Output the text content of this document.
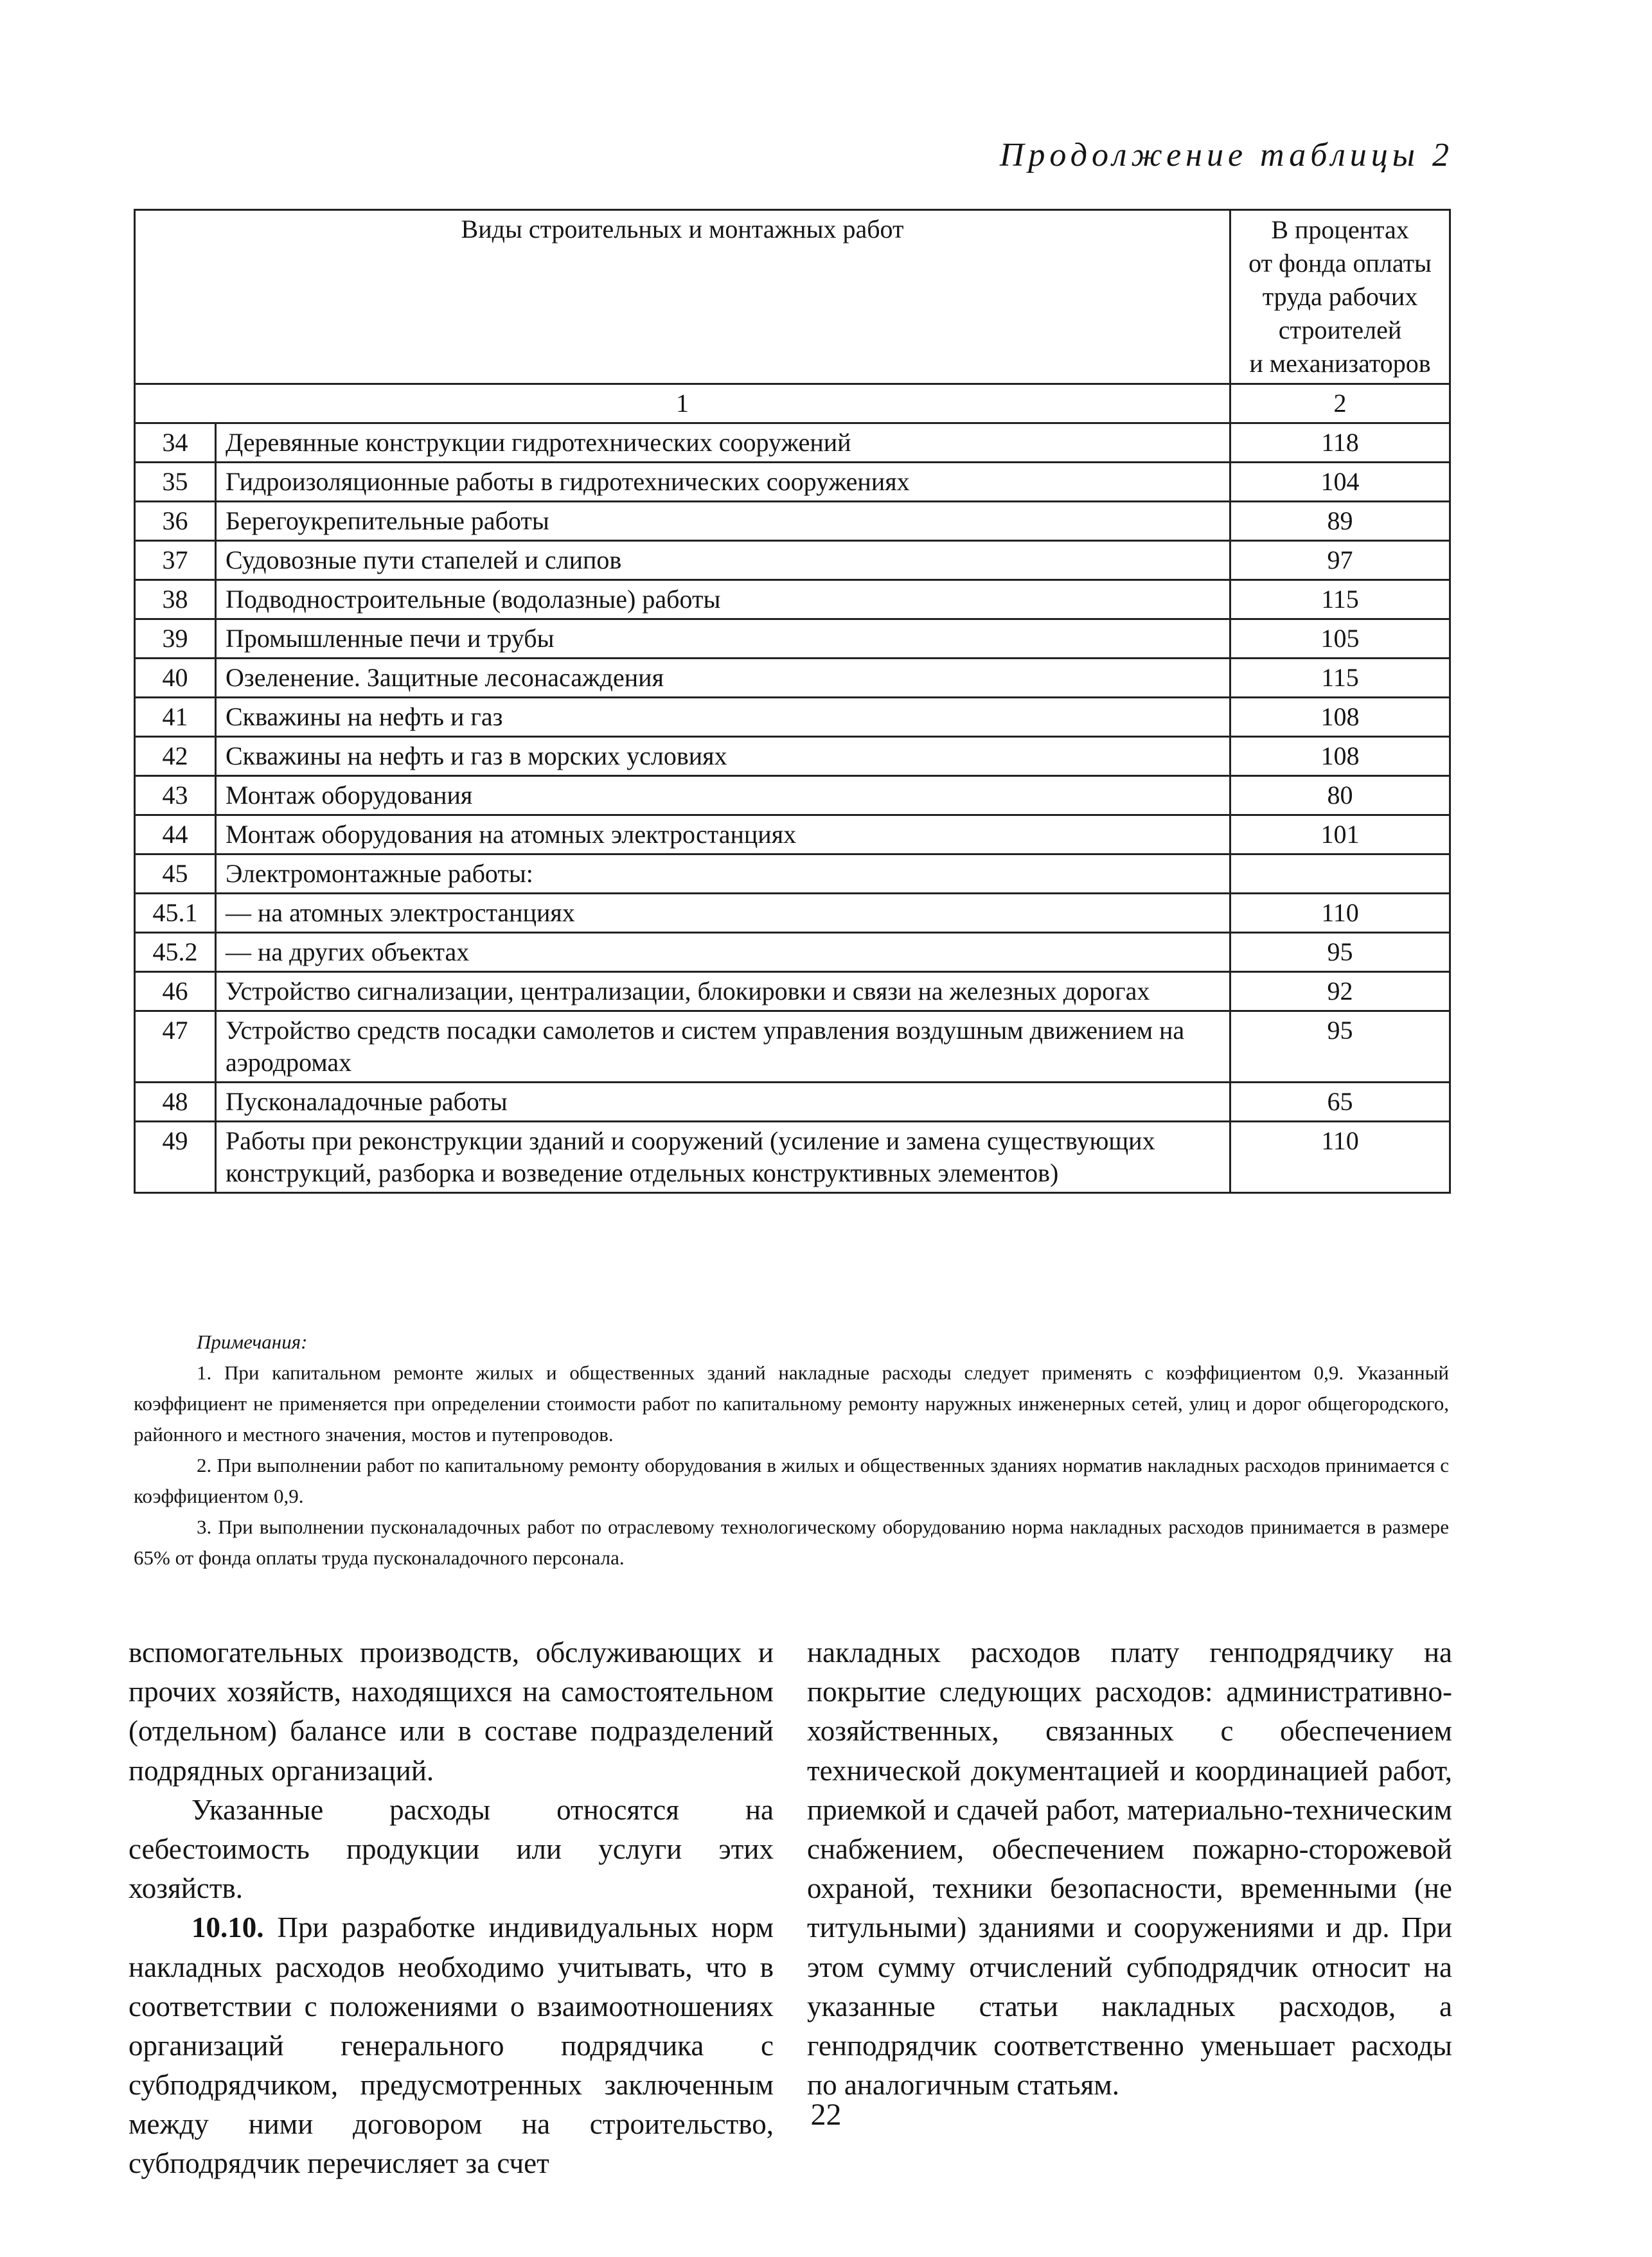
Продолжение таблицы 2
Виды строительных и монтажных работ		В процентах
от фонда оплаты
труда рабочих
строителей
и механизаторов

1		2
34	Деревянные конструкции гидротехнических сооружений	118
35	Гидроизоляционные работы в гидротехнических сооружениях	104
36	Берегоукрепительные работы	89
37	Судовозные пути стапелей и слипов	97
38	Подводностроительные (водолазные) работы	115
39	Промышленные печи и трубы	105
40	Озеленение. Защитные лесонасаждения	115
41	Скважины на нефть и газ	108
42	Скважины на нефть и газ в морских условиях	108
43	Монтаж оборудования	80
44	Монтаж оборудования на атомных электростанциях	101
45	Электромонтажные работы:	
45.1	— на атомных электростанциях	110
45.2	— на других объектах	95
46	Устройство сигнализации, централизации, блокировки и связи на железных дорогах	92
47	Устройство средств посадки самолетов и систем управления воздушным движением на аэродромах	95
48	Пусконаладочные работы	65
49	Работы при реконструкции зданий и сооружений (усиление и замена существующих конструкций, разборка и возведение отдельных конструктивных элементов)	110
Примечания:

1. При капитальном ремонте жилых и общественных зданий накладные расходы следует применять с коэффициентом 0,9. Указанный коэффициент не применяется при определении стоимости работ по капитальному ремонту наружных инженерных сетей, улиц и дорог общегородского, районного и местного значения, мостов и путепроводов.

2. При выполнении работ по капитальному ремонту оборудования в жилых и общественных зданиях норматив накладных расходов принимается с коэффициентом 0,9.

3. При выполнении пусконаладочных работ по отраслевому технологическому оборудованию норма накладных расходов принимается в размере 65% от фонда оплаты труда пусконаладочного персонала.

вспомогательных производств, обслуживающих и прочих хозяйств, находящихся на самостоятельном (отдельном) балансе или в составе подразделений подрядных организаций.

Указанные расходы относятся на себестоимость продукции или услуги этих хозяйств.

10.10. При разработке индивидуальных норм накладных расходов необходимо учитывать, что в соответствии с положениями о взаимоотношениях организаций генерального подрядчика с субподрядчиком, предусмотренных заключенным между ними договором на строительство, субподрядчик перечисляет за счет

накладных расходов плату генподрядчику на покрытие следующих расходов: административно-хозяйственных, связанных с обеспечением технической документацией и координацией работ, приемкой и сдачей работ, материально-техническим снабжением, обеспечением пожарно-сторожевой охраной, техники безопасности, временными (не титульными) зданиями и сооружениями и др. При этом сумму отчислений субподрядчик относит на указанные статьи накладных расходов, а генподрядчик соответственно уменьшает расходы по аналогичным статьям.

22
